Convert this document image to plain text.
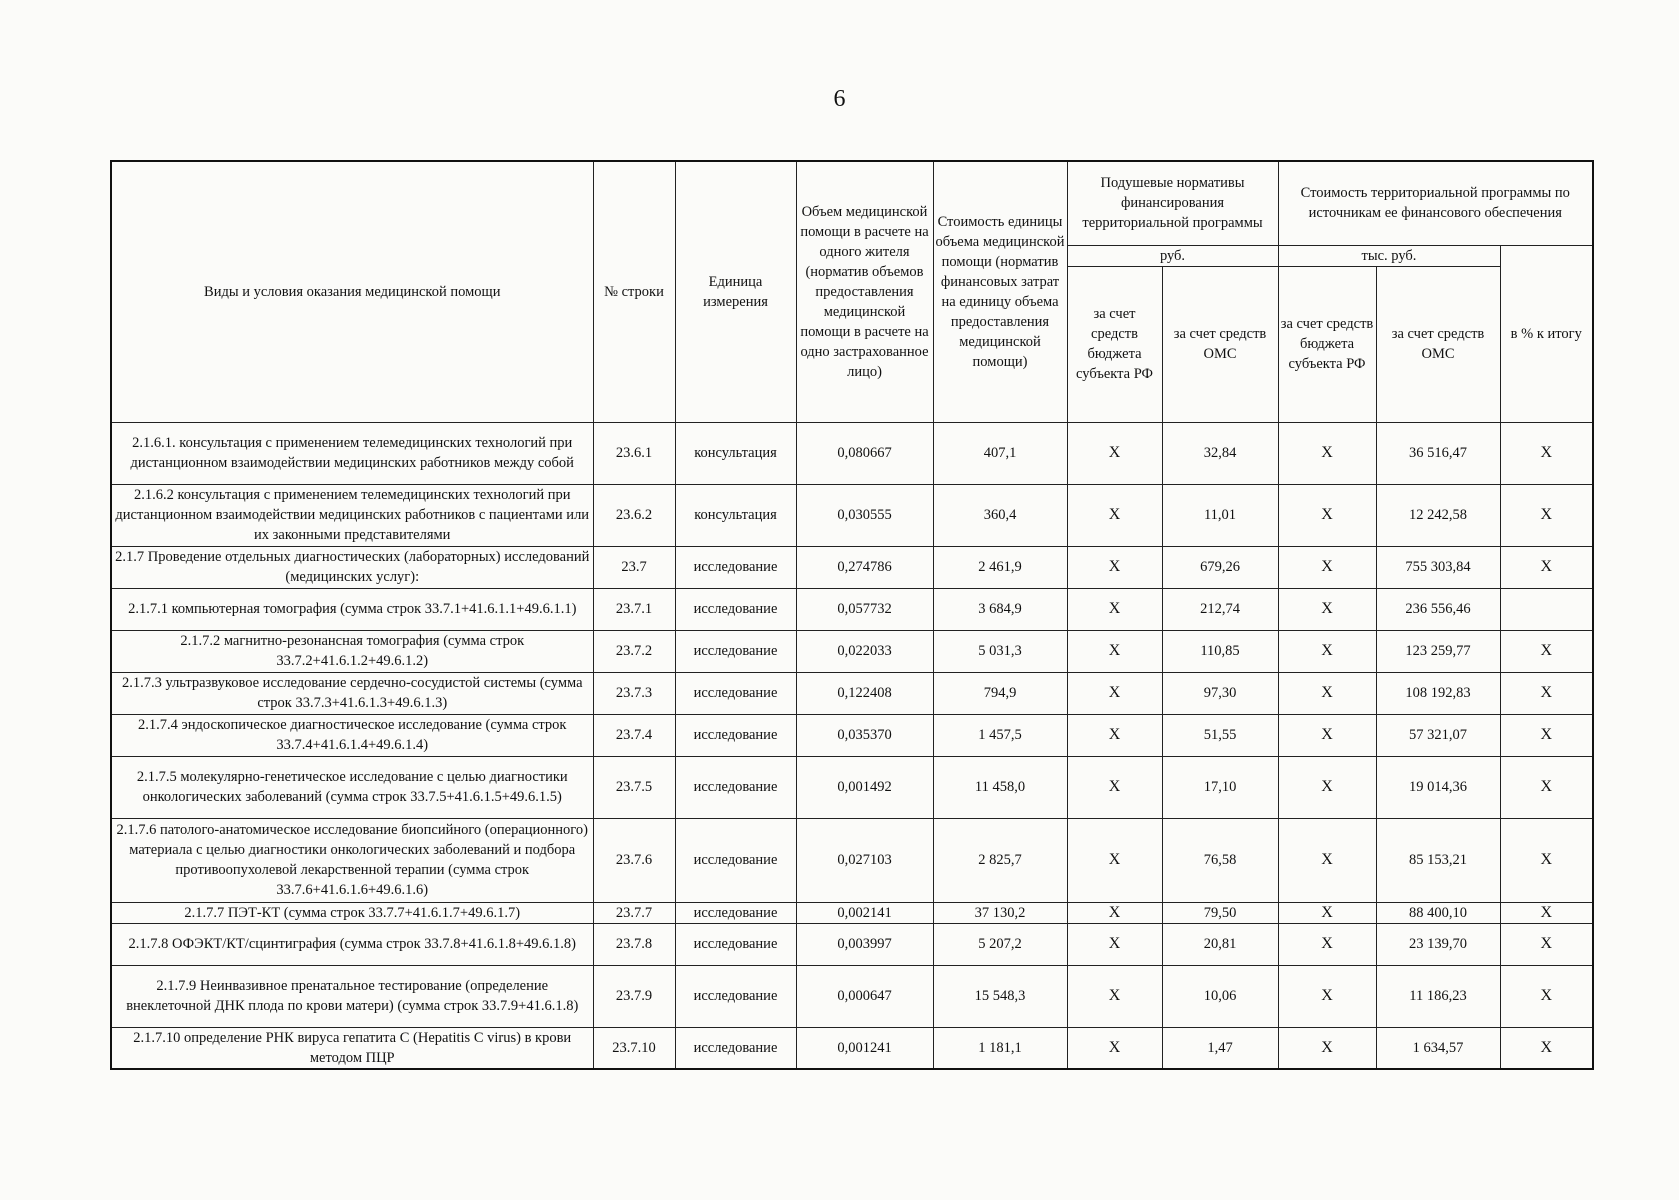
6
Виды и условия оказания медицинской помощи	№ строки	Единица измерения	Объем медицинской помощи в расчете на одного жителя (норматив объемов предоставления медицинской помощи в расчете на одно застрахованное лицо)	Стоимость единицы объема медицинской помощи (норматив финансовых затрат на единицу объема предоставления медицинской помощи)	Подушевые нормативы финансирования территориальной программы		Стоимость территориальной программы по источникам ее финансового обеспечения		
					руб.		тыс. руб.		в % к итогу
					за счет средств бюджета субъекта РФ	за счет средств ОМС	за счет средств бюджета субъекта РФ	за счет средств ОМС	
2.1.6.1. консультация с применением телемедицинских технологий при дистанционном взаимодействии медицинских работников между собой	23.6.1	консультация	0,080667	407,1	X	32,84	X	36 516,47	X
2.1.6.2 консультация с применением телемедицинских технологий при дистанционном взаимодействии медицинских работников с пациентами или их законными представителями	23.6.2	консультация	0,030555	360,4	X	11,01	X	12 242,58	X
2.1.7 Проведение отдельных диагностических (лабораторных) исследований (медицинских услуг):	23.7	исследование	0,274786	2 461,9	X	679,26	X	755 303,84	X
2.1.7.1 компьютерная томография (сумма строк 33.7.1+41.6.1.1+49.6.1.1)	23.7.1	исследование	0,057732	3 684,9	X	212,74	X	236 556,46	
2.1.7.2 магнитно-резонансная томография (сумма строк 33.7.2+41.6.1.2+49.6.1.2)	23.7.2	исследование	0,022033	5 031,3	X	110,85	X	123 259,77	X
2.1.7.3 ультразвуковое исследование сердечно-сосудистой системы (сумма строк 33.7.3+41.6.1.3+49.6.1.3)	23.7.3	исследование	0,122408	794,9	X	97,30	X	108 192,83	X
2.1.7.4 эндоскопическое диагностическое исследование (сумма строк 33.7.4+41.6.1.4+49.6.1.4)	23.7.4	исследование	0,035370	1 457,5	X	51,55	X	57 321,07	X
2.1.7.5 молекулярно-генетическое исследование с целью диагностики онкологических заболеваний (сумма строк 33.7.5+41.6.1.5+49.6.1.5)	23.7.5	исследование	0,001492	11 458,0	X	17,10	X	19 014,36	X
2.1.7.6 патолого-анатомическое исследование биопсийного (операционного) материала с целью диагностики онкологических заболеваний и подбора противоопухолевой лекарственной терапии (сумма строк 33.7.6+41.6.1.6+49.6.1.6)	23.7.6	исследование	0,027103	2 825,7	X	76,58	X	85 153,21	X
2.1.7.7 ПЭТ-КТ (сумма строк 33.7.7+41.6.1.7+49.6.1.7)	23.7.7	исследование	0,002141	37 130,2	X	79,50	X	88 400,10	X
2.1.7.8 ОФЭКТ/КТ/сцинтиграфия (сумма строк 33.7.8+41.6.1.8+49.6.1.8)	23.7.8	исследование	0,003997	5 207,2	X	20,81	X	23 139,70	X
2.1.7.9 Неинвазивное пренатальное тестирование (определение внеклеточной ДНК плода по крови матери) (сумма строк 33.7.9+41.6.1.8)	23.7.9	исследование	0,000647	15 548,3	X	10,06	X	11 186,23	X
2.1.7.10 определение РНК вируса гепатита C (Hepatitis C virus) в крови методом ПЦР	23.7.10	исследование	0,001241	1 181,1	X	1,47	X	1 634,57	X
